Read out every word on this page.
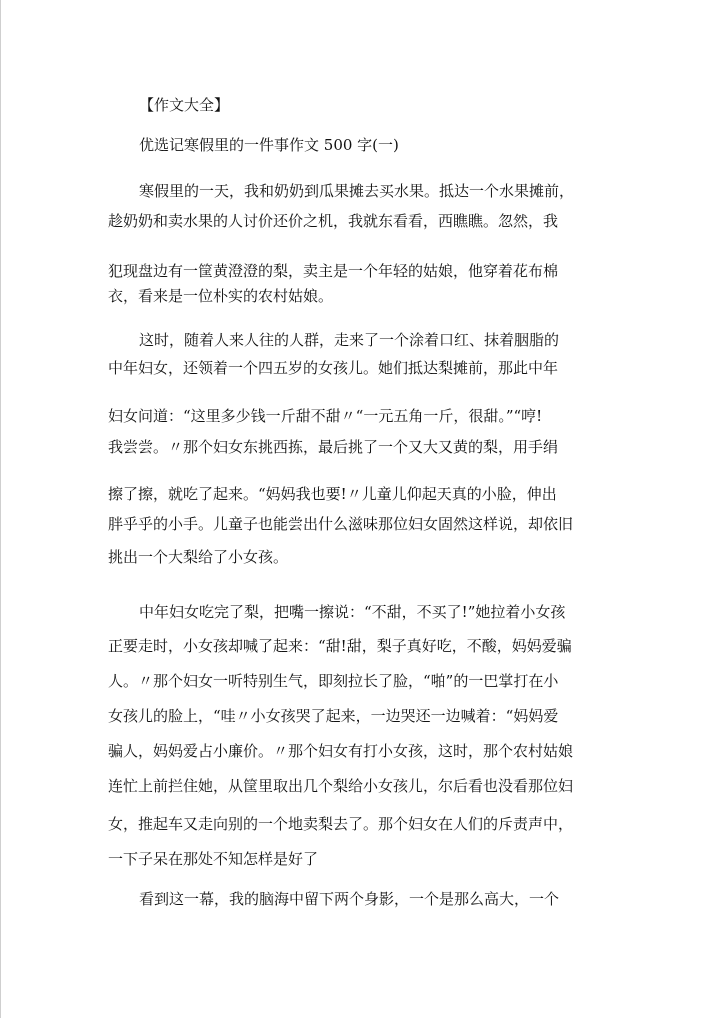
【作文大全】
优选记寒假里的一件事作文 500 字(一)
寒假里的一天，我和奶奶到瓜果摊去买水果。抵达一个水果摊前，
趁奶奶和卖水果的人讨价还价之机，我就东看看，西瞧瞧。忽然，我
犯现盘边有一筐黄澄澄的梨，卖主是一个年轻的姑娘，他穿着花布棉
衣，看来是一位朴实的农村姑娘。
这时，随着人来人往的人群，走来了一个涂着口红、抹着胭脂的
中年妇女，还领着一个四五岁的女孩儿。她们抵达梨摊前，那此中年
妇女问道：“这里多少钱一斤甜不甜〃“一元五角一斤，很甜。”“哼!
我尝尝。〃那个妇女东挑西拣，最后挑了一个又大又黄的梨，用手绢
擦了擦，就吃了起来。“妈妈我也要!〃儿童儿仰起天真的小脸，伸出
胖乎乎的小手。儿童子也能尝出什么滋味那位妇女固然这样说，却依旧
挑出一个大梨给了小女孩。
中年妇女吃完了梨，把嘴一擦说：“不甜，不买了!”她拉着小女孩
正要走时，小女孩却喊了起来：“甜!甜，梨子真好吃，不酸，妈妈爱骗
人。〃那个妇女一听特别生气，即刻拉长了脸，“啪”的一巴掌打在小
女孩儿的脸上，“哇〃小女孩哭了起来，一边哭还一边喊着：“妈妈爱
骗人，妈妈爱占小廉价。〃那个妇女有打小女孩，这时，那个农村姑娘
连忙上前拦住她，从筐里取出几个梨给小女孩儿，尔后看也没看那位妇
女，推起车又走向别的一个地卖梨去了。那个妇女在人们的斥责声中，
一下子呆在那处不知怎样是好了
看到这一幕，我的脑海中留下两个身影，一个是那么高大，一个
